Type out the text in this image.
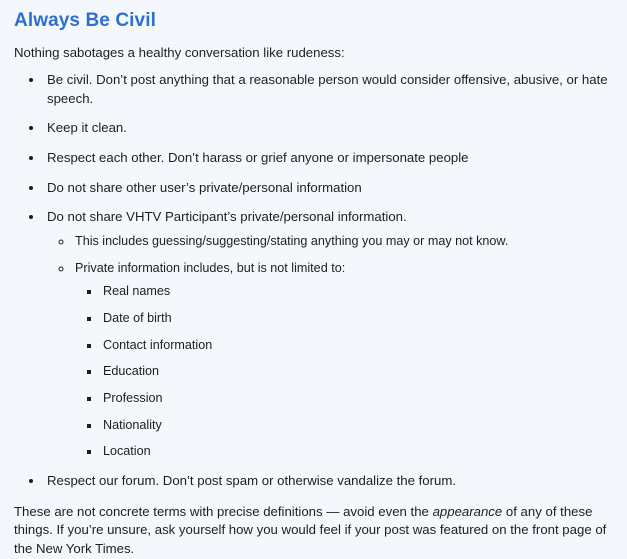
Always Be Civil

Nothing sabotages a healthy conversation like rudeness:

• Be civil. Don’t post anything that a reasonable person would consider offensive, abusive, or hate speech.
• Keep it clean.
• Respect each other. Don’t harass or grief anyone or impersonate people
• Do not share other user’s private/personal information
• Do not share VHTV Participant’s private/personal information.
◦ This includes guessing/suggesting/stating anything you may or may not know.
◦ Private information includes, but is not limited to:
▪ Real names
▪ Date of birth
▪ Contact information
▪ Education
▪ Profession
▪ Nationality
▪ Location
• Respect our forum. Don’t post spam or otherwise vandalize the forum.

These are not concrete terms with precise definitions — avoid even the appearance of any of these things. If you’re unsure, ask yourself how you would feel if your post was featured on the front page of the New York Times.
